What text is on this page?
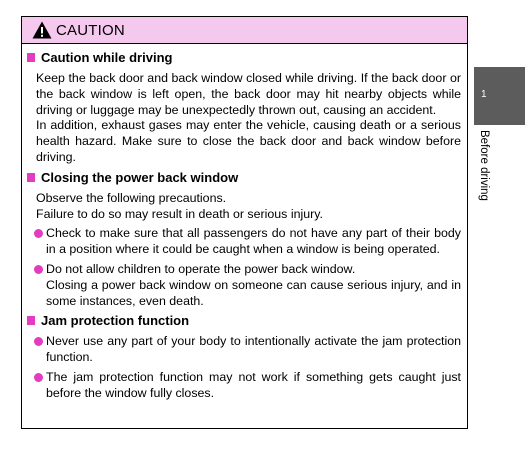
CAUTION
Caution while driving
Keep the back door and back window closed while driving. If the back door or the back window is left open, the back door may hit nearby objects while driving or luggage may be unexpectedly thrown out, causing an accident.
In addition, exhaust gases may enter the vehicle, causing death or a serious health hazard. Make sure to close the back door and back window before driving.
Closing the power back window
Observe the following precautions.
Failure to do so may result in death or serious injury.
Check to make sure that all passengers do not have any part of their body in a position where it could be caught when a window is being operated.
Do not allow children to operate the power back window.
Closing a power back window on someone can cause serious injury, and in some instances, even death.
Jam protection function
Never use any part of your body to intentionally activate the jam protection function.
The jam protection function may not work if something gets caught just before the window fully closes.
1
Before driving
